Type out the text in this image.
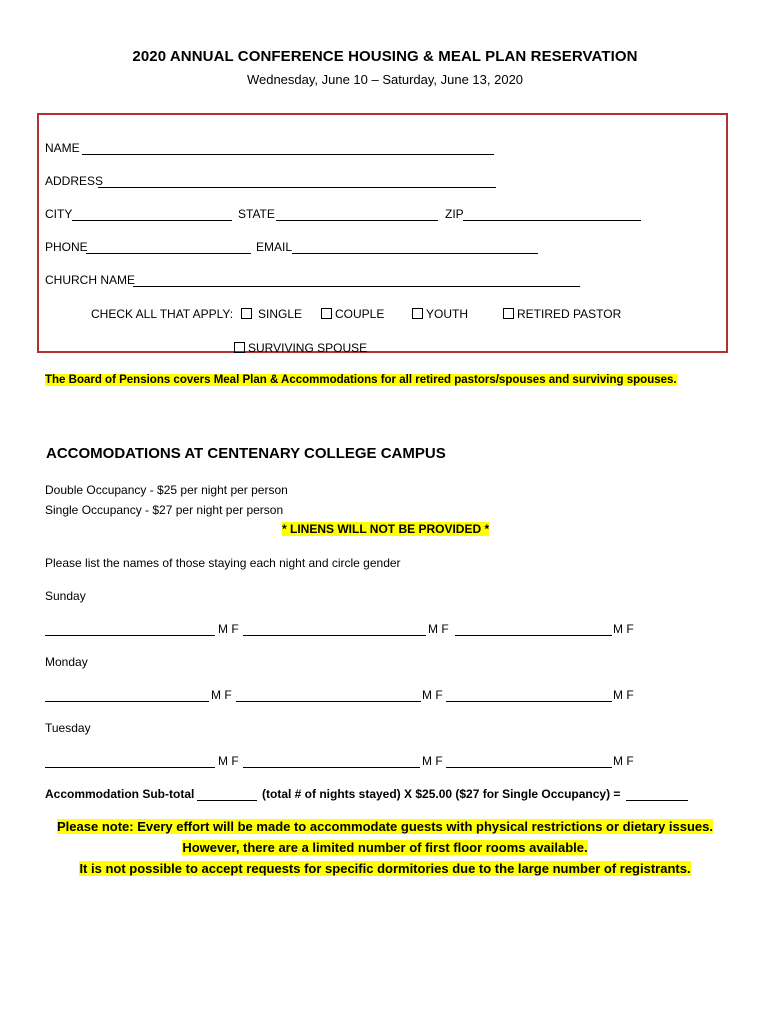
2020 ANNUAL CONFERENCE HOUSING & MEAL PLAN RESERVATION
Wednesday, June 10 – Saturday, June 13, 2020
NAME
ADDRESS
CITY	STATE	ZIP
PHONE	EMAIL
CHURCH NAME
CHECK ALL THAT APPLY:	SINGLE	COUPLE	YOUTH	RETIRED PASTOR
SURVIVING SPOUSE
The Board of Pensions covers Meal Plan & Accommodations for all retired pastors/spouses and surviving spouses.
ACCOMODATIONS AT CENTENARY COLLEGE CAMPUS
Double Occupancy - $25 per night per person
Single Occupancy - $27 per night per person
* LINENS WILL NOT BE PROVIDED *
Please list the names of those staying each night and circle gender
Sunday
M F	M F	M F
Monday
M F	M F	M F
Tuesday
M F	M F	M F
Accommodation Sub-total	(total # of nights stayed) X $25.00 ($27 for Single Occupancy) =
Please note: Every effort will be made to accommodate guests with physical restrictions or dietary issues.
However, there are a limited number of first floor rooms available.
It is not possible to accept requests for specific dormitories due to the large number of registrants.
